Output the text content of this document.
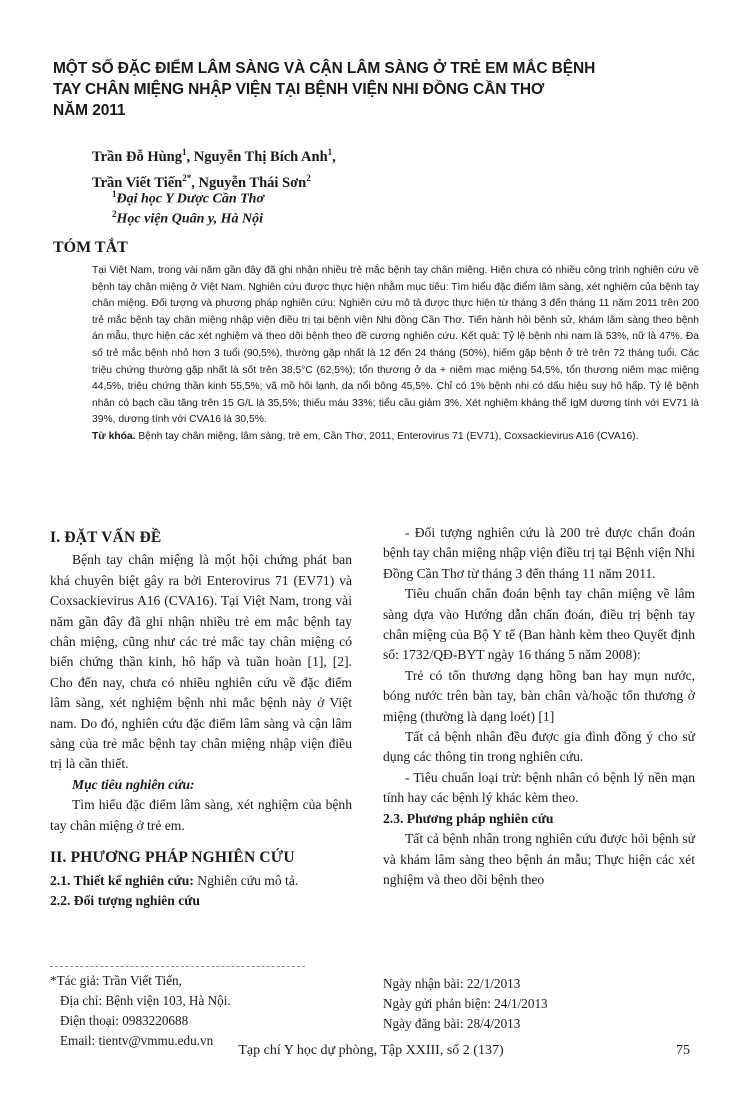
MỘT SỐ ĐẶC ĐIỂM LÂM SÀNG VÀ CẬN LÂM SÀNG Ở TRẺ EM MẮC BỆNH
TAY CHÂN MIỆNG NHẬP VIỆN TẠI BỆNH VIỆN NHI ĐỒNG CẦN THƠ
NĂM 2011
Trần Đỗ Hùng$^1$, Nguyễn Thị Bích Anh$^1$,
Trần Viết Tiến$^{2*}$, Nguyễn Thái Sơn$^2$
$^1$Đại học Y Dược Cần Thơ
$^2$Học viện Quân y, Hà Nội
TÓM TẮT

Tại Việt Nam, trong vài năm gần đây đã ghi nhận nhiều trẻ mắc bệnh tay chân miệng. Hiện chưa có nhiều công trình nghiên cứu về bệnh tay chân miệng ở Việt Nam. Nghiên cứu được thực hiện nhằm mục tiêu: Tìm hiểu đặc điểm lâm sàng, xét nghiệm của bệnh tay chân miệng. Đối tượng và phương pháp nghiên cứu: Nghiên cứu mô tả được thực hiện từ tháng 3 đến tháng 11 năm 2011 trên 200 trẻ mắc bệnh tay chân miệng nhập viện điều trị tại bệnh viện Nhi đồng Cần Thơ. Tiến hành hỏi bệnh sử, khám lâm sàng theo bệnh án mẫu, thực hiện các xét nghiệm và theo dõi bệnh theo đề cương nghiên cứu. Kết quả: Tỷ lệ bệnh nhi nam là 53%, nữ là 47%. Đa số trẻ mắc bệnh nhỏ hơn 3 tuổi (90,5%), thường gặp nhất là 12 đến 24 tháng (50%), hiếm gặp bệnh ở trẻ trên 72 tháng tuổi. Các triệu chứng thường gặp nhất là sốt trên 38,5°C (62,5%); tổn thương ở da + niêm mạc miệng 54,5%, tổn thương niêm mạc miệng 44,5%, triệu chứng thần kinh 55,5%; vã mồ hôi lạnh, da nổi bông 45,5%. Chỉ có 1% bệnh nhi có dấu hiệu suy hô hấp. Tỷ lệ bệnh nhân có bạch cầu tăng trên 15 G/L là 35,5%; thiếu máu 33%; tiểu cầu giảm 3%. Xét nghiệm kháng thể IgM dương tính với EV71 là 39%, dương tính với CVA16 là 30,5%.
Từ khóa. Bệnh tay chân miệng, lâm sàng, trẻ em, Cần Thơ, 2011, Enterovirus 71 (EV71), Coxsackievirus A16 (CVA16).

I. ĐẶT VẤN ĐỀ

Bệnh tay chân miệng là một hội chứng phát ban khá chuyên biệt gây ra bởi Enterovirus 71 (EV71) và Coxsackievirus A16 (CVA16). Tại Việt Nam, trong vài năm gần đây đã ghi nhận nhiều trẻ em mắc bệnh tay chân miệng, cũng như các trẻ mắc tay chân miệng có biến chứng thần kinh, hô hấp và tuần hoàn [1], [2]. Cho đến nay, chưa có nhiều nghiên cứu về đặc điểm lâm sàng, xét nghiệm bệnh nhi mắc bệnh này ở Việt nam. Do đó, nghiên cứu đặc điểm lâm sàng và cận lâm sàng của trẻ mắc bệnh tay chân miệng nhập viện điều trị là cần thiết.

Mục tiêu nghiên cứu:

Tìm hiểu đặc điểm lâm sàng, xét nghiệm của bệnh tay chân miệng ở trẻ em.

II. PHƯƠNG PHÁP NGHIÊN CỨU

2.1. Thiết kế nghiên cứu: Nghiên cứu mô tả.

2.2. Đối tượng nghiên cứu

- Đối tượng nghiên cứu là 200 trẻ được chẩn đoán bệnh tay chân miệng nhập viện điều trị tại Bệnh viện Nhi Đồng Cần Thơ từ tháng 3 đến tháng 11 năm 2011.

Tiêu chuẩn chẩn đoán bệnh tay chân miệng về lâm sàng dựa vào Hướng dẫn chẩn đoán, điều trị bệnh tay chân miệng của Bộ Y tế (Ban hành kèm theo Quyết định số: 1732/QĐ-BYT ngày 16 tháng 5 năm 2008):

Trẻ có tổn thương dạng hồng ban hay mụn nước, bóng nước trên bàn tay, bàn chân và/hoặc tổn thương ở miệng (thường là dạng loét) [1]

Tất cả bệnh nhân đều được gia đình đồng ý cho sử dụng các thông tin trong nghiên cứu.

- Tiêu chuẩn loại trừ: bệnh nhân có bệnh lý nền mạn tính hay các bệnh lý khác kèm theo.

2.3. Phương pháp nghiên cứu

Tất cả bệnh nhân trong nghiên cứu được hỏi bệnh sử và khám lâm sàng theo bệnh án mẫu; Thực hiện các xét nghiệm và theo dõi bệnh theo

*Tác giả: Trần Viết Tiến,
Địa chỉ: Bệnh viện 103, Hà Nội.
Điện thoại: 0983220688
Email: tientv@vmmu.edu.vn
Ngày nhận bài: 22/1/2013
Ngày gửi phản biện: 24/1/2013
Ngày đăng bài: 28/4/2013
Tạp chí Y học dự phòng, Tập XXIII, số 2 (137)	75
